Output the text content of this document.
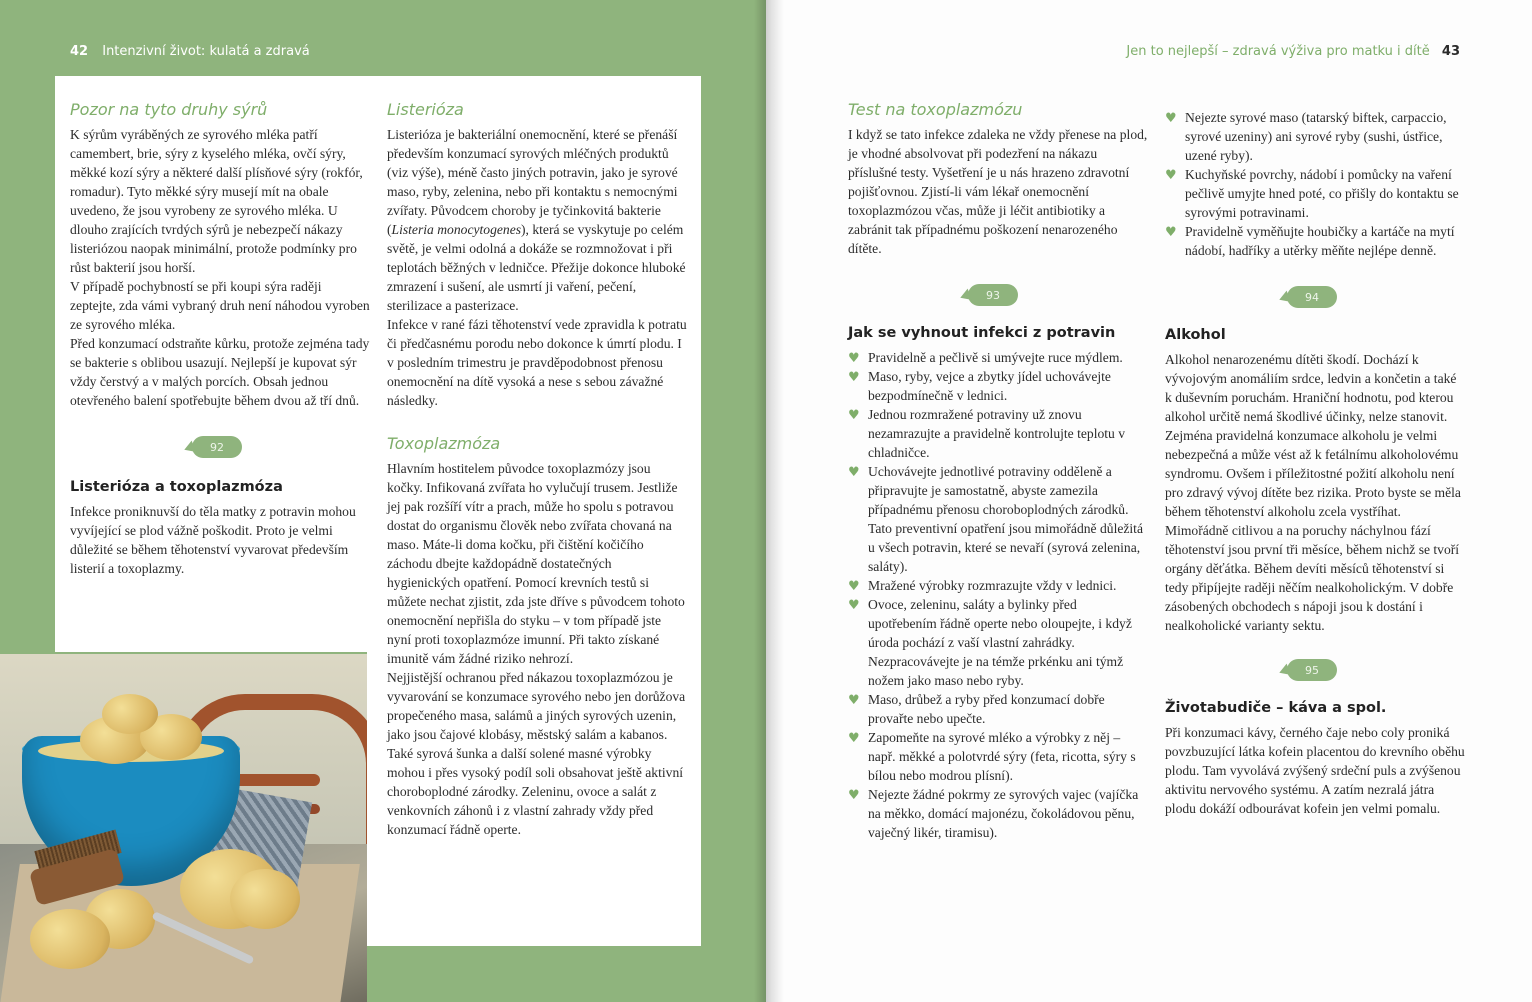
42 Intenzivní život: kulatá a zdravá	Jen to nejlepší – zdravá výživa pro matku i dítě 43
Pozor na tyto druhy sýrů

K sýrům vyráběných ze syrového mléka patří camembert, brie, sýry z kyselého mléka, ovčí sýry, měkké kozí sýry a některé další plísňové sýry (rokfór, romadur). Tyto měkké sýry musejí mít na obale uvedeno, že jsou vyrobeny ze syrového mléka. U dlouho zrajících tvrdých sýrů je nebezpečí nákazy listeriózou naopak minimální, protože podmínky pro růst bakterií jsou horší.

V případě pochybností se při koupi sýra raději zeptejte, zda vámi vybraný druh není náhodou vyroben ze syrového mléka.

Před konzumací odstraňte kůrku, protože zejména tady se bakterie s oblibou usazují. Nejlepší je kupovat sýr vždy čerstvý a v malých porcích. Obsah jednou otevřeného balení spotřebujte během dvou až tří dnů.

92
Listerióza a toxoplazmóza

Infekce proniknuvší do těla matky z potravin mohou vyvíjející se plod vážně poškodit. Proto je velmi důležité se během těhotenství vyvarovat především listerií a toxoplazmy.

Listerióza

Listerióza je bakteriální onemocnění, které se přenáší především konzumací syrových mléčných produktů (viz výše), méně často jiných potravin, jako je syrové maso, ryby, zelenina, nebo při kontaktu s nemocnými zvířaty. Původcem choroby je tyčinkovitá bakterie (Listeria monocytogenes), která se vyskytuje po celém světě, je velmi odolná a dokáže se rozmnožovat i při teplotách běžných v ledničce. Přežije dokonce hluboké zmrazení i sušení, ale usmrtí ji vaření, pečení, sterilizace a pasterizace.

Infekce v rané fázi těhotenství vede zpravidla k potratu či předčasnému porodu nebo dokonce k úmrtí plodu. I v posledním trimestru je pravděpodobnost přenosu onemocnění na dítě vysoká a nese s sebou závažné následky.

Toxoplazmóza

Hlavním hostitelem původce toxoplazmózy jsou kočky. Infikovaná zvířata ho vylučují trusem. Jestliže jej pak rozšíří vítr a prach, může ho spolu s potravou dostat do organismu člověk nebo zvířata chovaná na maso. Máte-li doma kočku, při čištění kočičího záchodu dbejte každopádně dostatečných hygienických opatření. Pomocí krevních testů si můžete nechat zjistit, zda jste dříve s původcem tohoto onemocnění nepřišla do styku – v tom případě jste nyní proti toxoplazmóze imunní. Při takto získané imunitě vám žádné riziko nehrozí.

Nejjistější ochranou před nákazou toxoplazmózou je vyvarování se konzumace syrového nebo jen dorůžova propečeného masa, salámů a jiných syrových uzenin, jako jsou čajové klobásy, městský salám a kabanos. Také syrová šunka a další solené masné výrobky mohou i přes vysoký podíl soli obsahovat ještě aktivní choroboplodné zárodky. Zeleninu, ovoce a salát z venkovních záhonů i z vlastní zahrady vždy před konzumací řádně operte.

Test na toxoplazmózu

I když se tato infekce zdaleka ne vždy přenese na plod, je vhodné absolvovat při podezření na nákazu příslušné testy. Vyšetření je u nás hrazeno zdravotní pojišťovnou. Zjistí-li vám lékař onemocnění toxoplazmózou včas, může ji léčit antibiotiky a zabránit tak případnému poškození nenarozeného dítěte.

93
Jak se vyhnout infekci z potravin
♥ Pravidelně a pečlivě si umývejte ruce mýdlem.
♥ Maso, ryby, vejce a zbytky jídel uchovávejte bezpodmínečně v lednici.
♥ Jednou rozmražené potraviny už znovu nezamrazujte a pravidelně kontrolujte teplotu v chladničce.
♥ Uchovávejte jednotlivé potraviny odděleně a připravujte je samostatně, abyste zamezila případnému přenosu choroboplodných zárodků. Tato preventivní opatření jsou mimořádně důležitá u všech potravin, které se nevaří (syrová zelenina, saláty).
♥ Mražené výrobky rozmrazujte vždy v lednici.
♥ Ovoce, zeleninu, saláty a bylinky před upotřebením řádně operte nebo oloupejte, i když úroda pochází z vaší vlastní zahrádky. Nezpracovávejte je na témže prkénku ani týmž nožem jako maso nebo ryby.
♥ Maso, drůbež a ryby před konzumací dobře provařte nebo upečte.
♥ Zapomeňte na syrové mléko a výrobky z něj – např. měkké a polotvrdé sýry (feta, ricotta, sýry s bílou nebo modrou plísní).
♥ Nejezte žádné pokrmy ze syrových vajec (vajíčka na měkko, domácí majonézu, čokoládovou pěnu, vaječný likér, tiramisu).
♥ Nejezte syrové maso (tatarský biftek, carpaccio, syrové uzeniny) ani syrové ryby (sushi, ústřice, uzené ryby).
♥ Kuchyňské povrchy, nádobí i pomůcky na vaření pečlivě umyjte hned poté, co přišly do kontaktu se syrovými potravinami.
♥ Pravidelně vyměňujte houbičky a kartáče na mytí nádobí, hadříky a utěrky měňte nejlépe denně.
94
Alkohol

Alkohol nenarozenému dítěti škodí. Dochází k vývojovým anomáliím srdce, ledvin a končetin a také k duševním poruchám. Hraniční hodnotu, pod kterou alkohol určitě nemá škodlivé účinky, nelze stanovit. Zejména pravidelná konzumace alkoholu je velmi nebezpečná a může vést až k fetálnímu alkoholovému syndromu. Ovšem i příležitostné požití alkoholu není pro zdravý vývoj dítěte bez rizika. Proto byste se měla během těhotenství alkoholu zcela vystříhat. Mimořádně citlivou a na poruchy náchylnou fází těhotenství jsou první tři měsíce, během nichž se tvoří orgány děťátka. Během devíti měsíců těhotenství si tedy připíjejte raději něčím nealkoholickým. V dobře zásobených obchodech s nápoji jsou k dostání i nealkoholické varianty sektu.

95
Životabudiče – káva a spol.

Při konzumaci kávy, černého čaje nebo coly proniká povzbuzující látka kofein placentou do krevního oběhu plodu. Tam vyvolává zvýšený srdeční puls a zvýšenou aktivitu nervového systému. A zatím nezralá játra plodu dokáží odbourávat kofein jen velmi pomalu.
